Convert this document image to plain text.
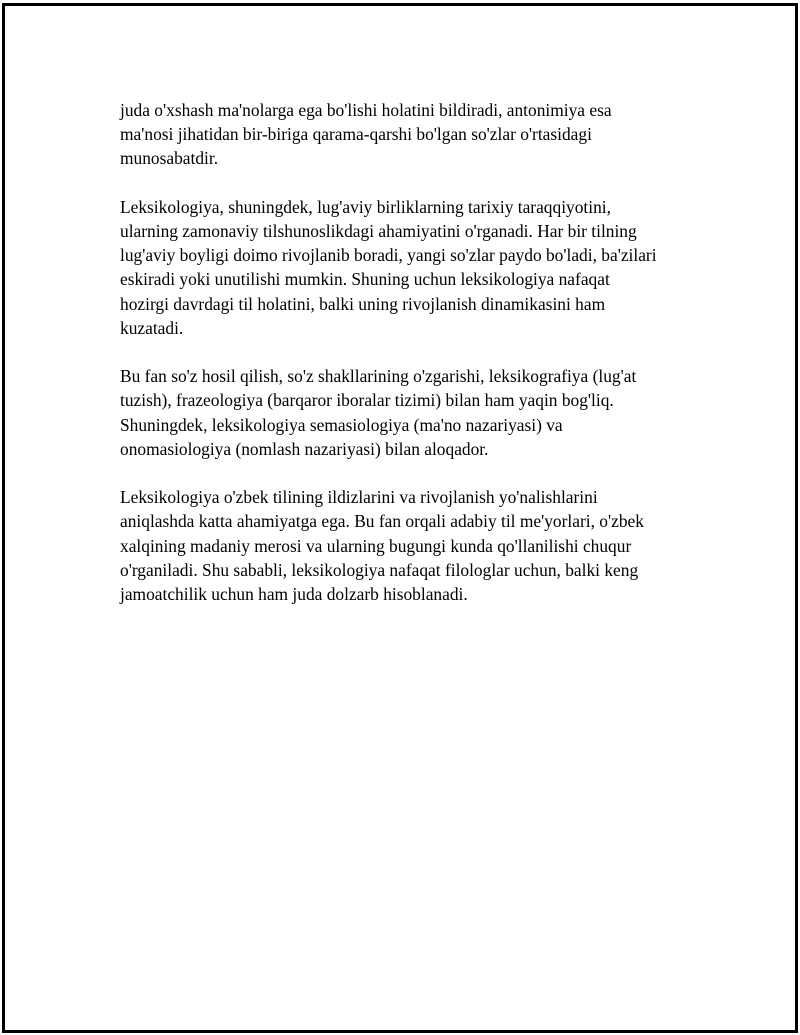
juda o'xshash ma'nolarga ega bo'lishi holatini bildiradi, antonimiya esa
ma'nosi jihatidan bir-biriga qarama-qarshi bo'lgan so'zlar o'rtasidagi
munosabatdir.

Leksikologiya, shuningdek, lug'aviy birliklarning tarixiy taraqqiyotini,
ularning zamonaviy tilshunoslikdagi ahamiyatini o'rganadi. Har bir tilning
lug'aviy boyligi doimo rivojlanib boradi, yangi so'zlar paydo bo'ladi, ba'zilari
eskiradi yoki unutilishi mumkin. Shuning uchun leksikologiya nafaqat
hozirgi davrdagi til holatini, balki uning rivojlanish dinamikasini ham
kuzatadi.

Bu fan so'z hosil qilish, so'z shakllarining o'zgarishi, leksikografiya (lug'at
tuzish), frazeologiya (barqaror iboralar tizimi) bilan ham yaqin bog'liq.
Shuningdek, leksikologiya semasiologiya (ma'no nazariyasi) va
onomasiologiya (nomlash nazariyasi) bilan aloqador.

Leksikologiya o'zbek tilining ildizlarini va rivojlanish yo'nalishlarini
aniqlashda katta ahamiyatga ega. Bu fan orqali adabiy til me'yorlari, o'zbek
xalqining madaniy merosi va ularning bugungi kunda qo'llanilishi chuqur
o'rganiladi. Shu sababli, leksikologiya nafaqat filologlar uchun, balki keng
jamoatchilik uchun ham juda dolzarb hisoblanadi.
